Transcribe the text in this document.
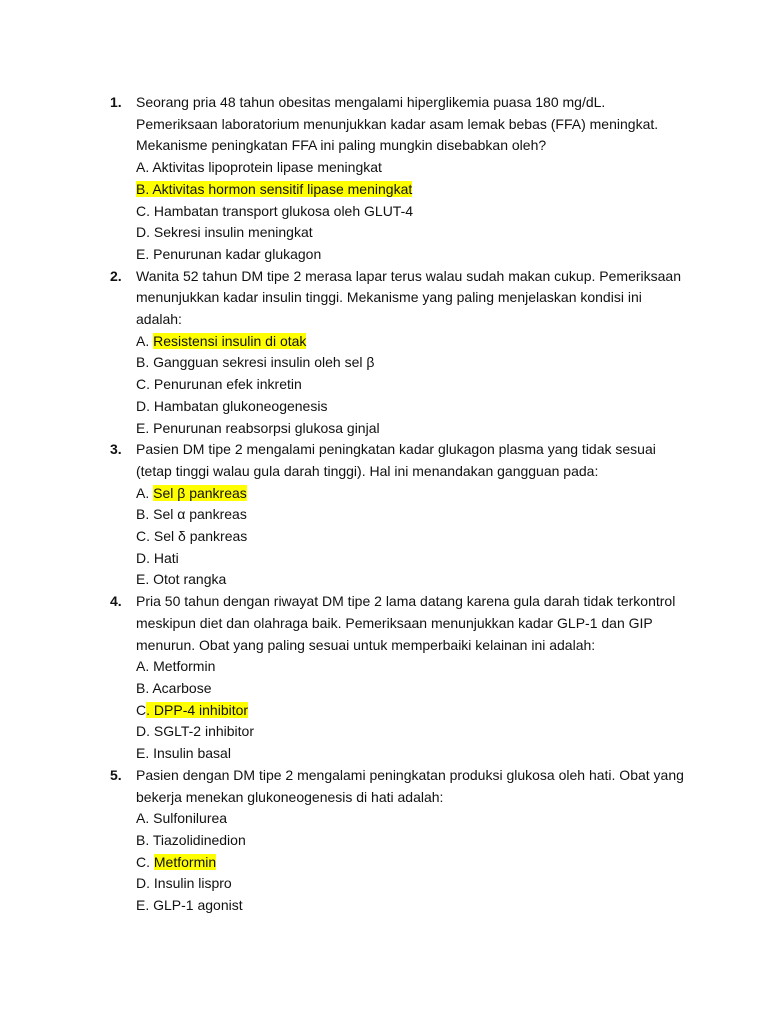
1.	Seorang pria 48 tahun obesitas mengalami hiperglikemia puasa 180 mg/dL. Pemeriksaan laboratorium menunjukkan kadar asam lemak bebas (FFA) meningkat. Mekanisme peningkatan FFA ini paling mungkin disebabkan oleh?

A. Aktivitas lipoprotein lipase meningkat
B. Aktivitas hormon sensitif lipase meningkat
C. Hambatan transport glukosa oleh GLUT-4
D. Sekresi insulin meningkat
E. Penurunan kadar glukagon
2.	Wanita 52 tahun DM tipe 2 merasa lapar terus walau sudah makan cukup. Pemeriksaan menunjukkan kadar insulin tinggi. Mekanisme yang paling menjelaskan kondisi ini adalah:

A. Resistensi insulin di otak
B. Gangguan sekresi insulin oleh sel β
C. Penurunan efek inkretin
D. Hambatan glukoneogenesis
E. Penurunan reabsorpsi glukosa ginjal
3.	Pasien DM tipe 2 mengalami peningkatan kadar glukagon plasma yang tidak sesuai (tetap tinggi walau gula darah tinggi). Hal ini menandakan gangguan pada:

A. Sel β pankreas
B. Sel α pankreas
C. Sel δ pankreas
D. Hati
E. Otot rangka
4.	Pria 50 tahun dengan riwayat DM tipe 2 lama datang karena gula darah tidak terkontrol meskipun diet dan olahraga baik. Pemeriksaan menunjukkan kadar GLP-1 dan GIP menurun. Obat yang paling sesuai untuk memperbaiki kelainan ini adalah:

A. Metformin
B. Acarbose
C. DPP-4 inhibitor
D. SGLT-2 inhibitor
E. Insulin basal
5.	Pasien dengan DM tipe 2 mengalami peningkatan produksi glukosa oleh hati. Obat yang bekerja menekan glukoneogenesis di hati adalah:

A. Sulfonilurea
B. Tiazolidinedion
C. Metformin
D. Insulin lispro
E. GLP-1 agonist
